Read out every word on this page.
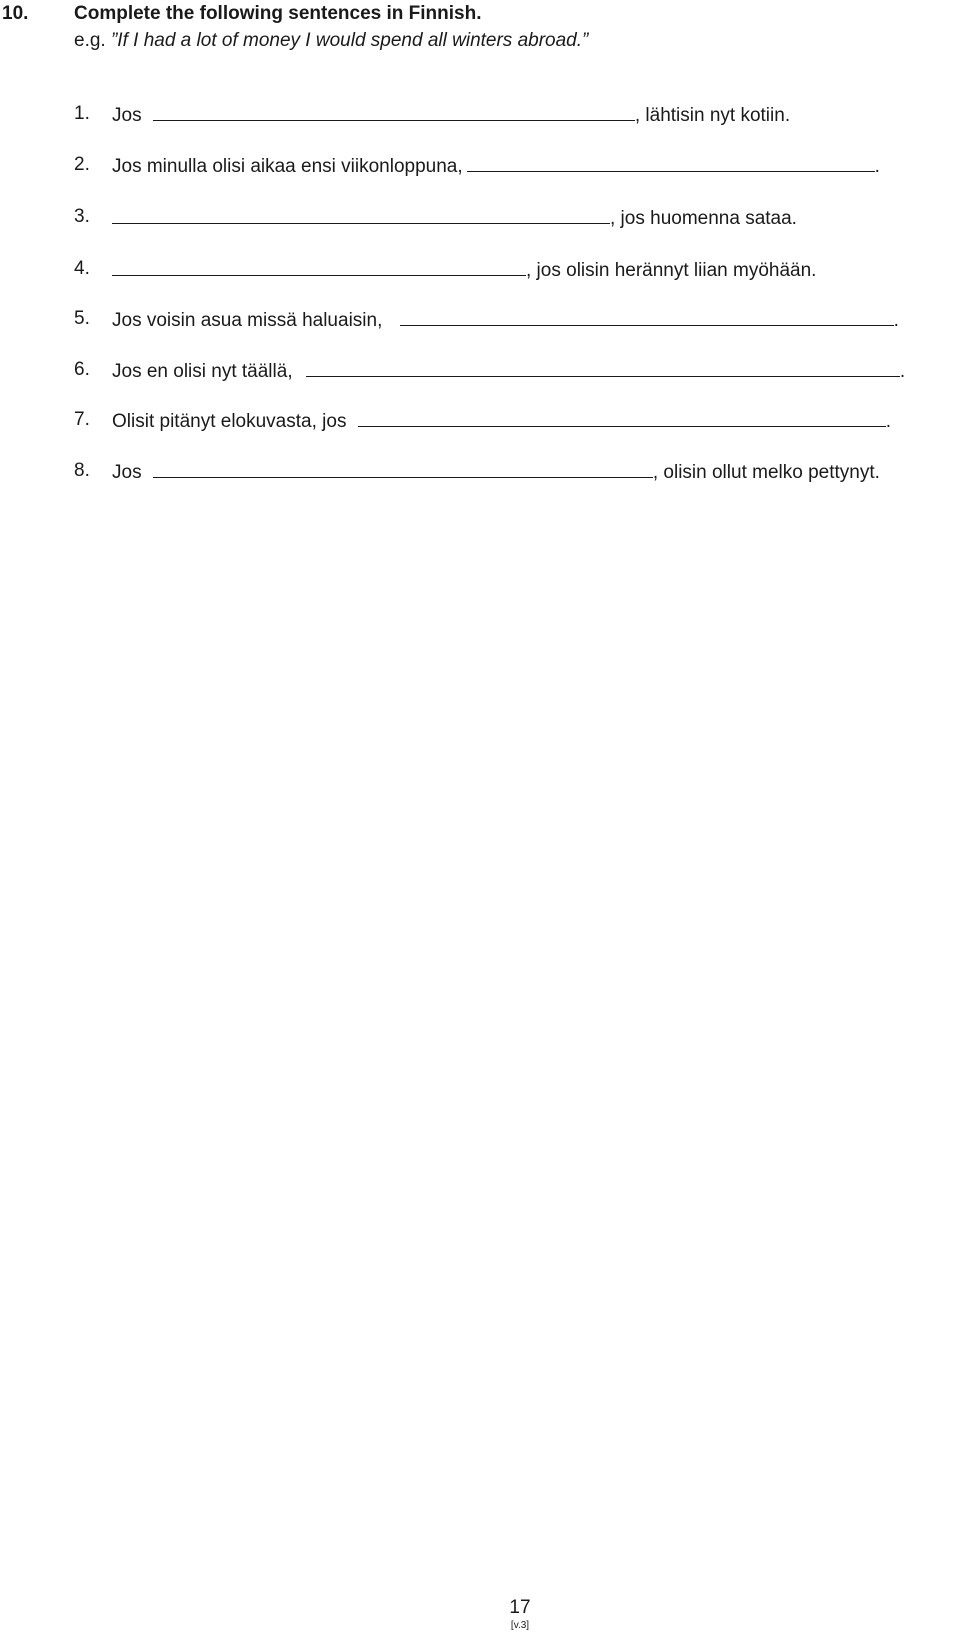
10. Complete the following sentences in Finnish.
e.g. ”If I had a lot of money I would spend all winters abroad.”
1. Jos	, lähtisin nyt kotiin.
2. Jos minulla olisi aikaa ensi viikonloppuna,	.
3.	, jos huomenna sataa.
4.	, jos olisin herännyt liian myöhään.
5. Jos voisin asua missä haluaisin,	.
6. Jos en olisi nyt täällä,	.
7. Olisit pitänyt elokuvasta, jos	.
8. Jos	, olisin ollut melko pettynyt.
17
[v.3]
